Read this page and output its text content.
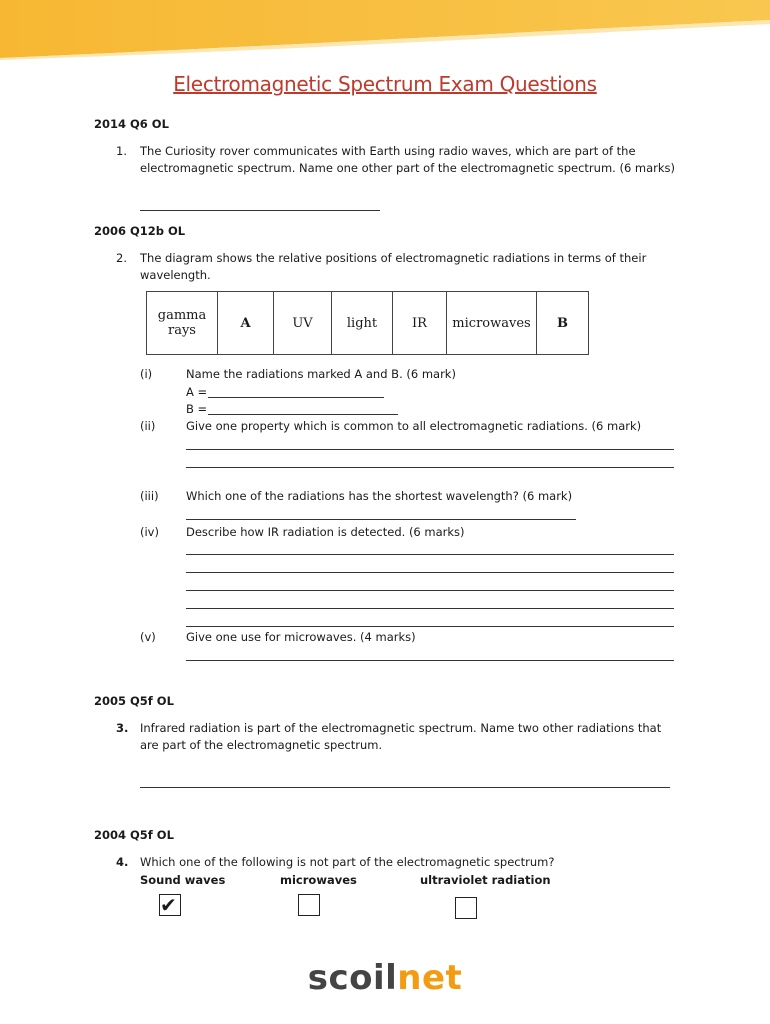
Electromagnetic Spectrum Exam Questions
2014 Q6 OL
1. The Curiosity rover communicates with Earth using radio waves, which are part of the
electromagnetic spectrum. Name one other part of the electromagnetic spectrum. (6 marks)
2006 Q12b OL
2. The diagram shows the relative positions of electromagnetic radiations in terms of their
wavelength.
gamma
rays	A	UV	light	IR	microwaves	B
(i)	Name the radiations marked A and B. (6 mark)
A =
B =
(ii)	Give one property which is common to all electromagnetic radiations. (6 mark)
(iii) Which one of the radiations has the shortest wavelength? (6 mark)
(iv) Describe how IR radiation is detected. (6 marks)
(v)	Give one use for microwaves. (4 marks)
2005 Q5f OL
3. Infrared radiation is part of the electromagnetic spectrum. Name two other radiations that
are part of the electromagnetic spectrum.
2004 Q5f OL
4. Which one of the following is not part of the electromagnetic spectrum?
Sound waves	microwaves	ultraviolet radiation
✔
scoilnet
